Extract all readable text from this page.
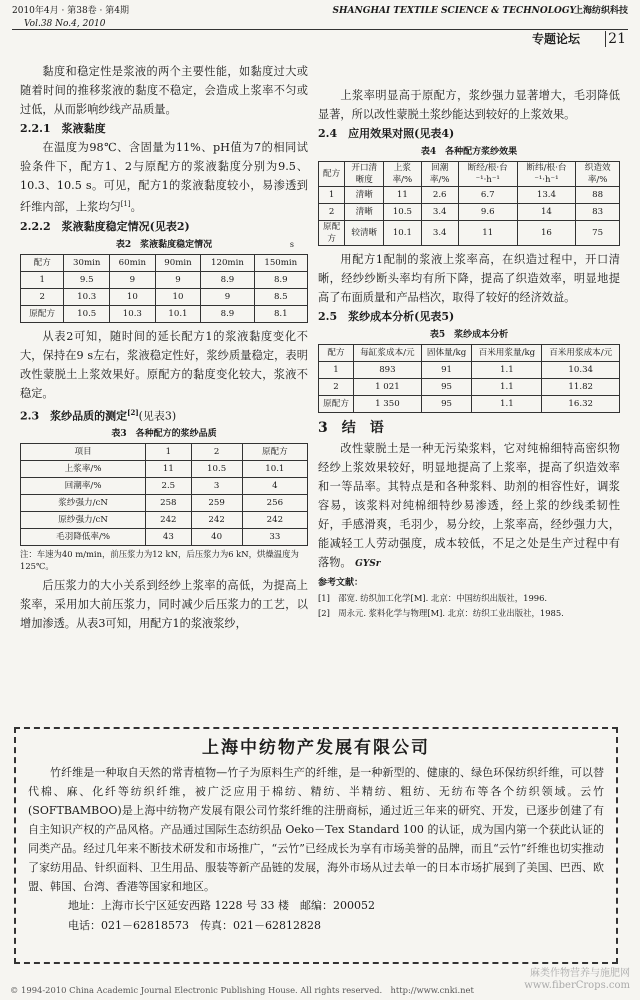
2010年4月 · 第38卷 · 第4期
Vol.38 No.4, 2010
SHANGHAI TEXTILE SCIENCE & TECHNOLOGY
上海纺织科技
专题论坛 21

黏度和稳定性是浆液的两个主要性能，如黏度过大或随着时间的推移浆液的黏度不稳定，会造成上浆率不匀或过低，从而影响纱线产品质量。

2.2.1　浆液黏度

在温度为98℃、含固量为11%、pH值为7的相同试验条件下，配方1、2与原配方的浆液黏度分别为9.5、10.3、10.5 s。可见，配方1的浆液黏度较小，易渗透到纤维内部，上浆均匀[1]。

2.2.2　浆液黏度稳定情况(见表2)
表2　浆液黏度稳定情况	s
配方	30min	60min	90min	120min	150min
1	9.5	9	9	8.9	8.9
2	10.3	10	10	9	8.5
原配方	10.5	10.3	10.1	8.9	8.1

从表2可知，随时间的延长配方1的浆液黏度变化不大，保持在9 s左右，浆液稳定性好，浆纱质量稳定，表明改性蒙脱土上浆效果好。原配方的黏度变化较大，浆液不稳定。

2.3　浆纱品质的测定[2](见表3)
表3　各种配方的浆纱品质
项目	1	2	原配方
上浆率/%	11	10.5	10.1
回潮率/%	2.5	3	4
浆纱强力/cN	258	259	256
原纱强力/cN	242	242	242
毛羽降低率/%	43	40	33
注：车速为40 m/min，前压浆力为12 kN，后压浆力为6 kN，烘燥温度为125℃。

后压浆力的大小关系到经纱上浆率的高低，为提高上浆率，采用加大前压浆力，同时减少后压浆力的工艺，以增加渗透。从表3可知，用配方1的浆液浆纱，

上浆率明显高于原配方，浆纱强力显著增大，毛羽降低显著，所以改性蒙脱土浆纱能达到较好的上浆效果。

2.4　应用效果对照(见表4)
表4　各种配方浆纱效果
配方	开口清晰度	上浆率/%	回潮率/%	断经/根·台⁻¹·h⁻¹	断纬/根·台⁻¹·h⁻¹	织造效率/%
1	清晰	11	2.6	6.7	13.4	88
2	清晰	10.5	3.4	9.6	14	83
原配方	较清晰	10.1	3.4	11	16	75

用配方1配制的浆液上浆率高，在织造过程中，开口清晰，经纱纱断头率均有所下降，提高了织造效率，明显地提高了布面质量和产品档次，取得了较好的经济效益。

2.5　浆纱成本分析(见表5)
表5　浆纱成本分析
配方	每缸浆成本/元	固体量/kg	百米用浆量/kg	百米用浆成本/元
1	893	91	1.1	10.34
2	1 021	95	1.1	11.82
原配方	1 350	95	1.1	16.32
3　结　语

改性蒙脱土是一种无污染浆料，它对纯棉细特高密织物经纱上浆效果较好，明显地提高了上浆率，提高了织造效率和一等品率。其特点是和各种浆料、助剂的相容性好，调浆容易，该浆料对纯棉细特纱易渗透，经上浆的纱线柔韧性好，手感滑爽，毛羽少，易分绞，上浆率高，经纱强力大，能减轻工人劳动强度，成本较低，不足之处是生产过程中有落物。 GYSr

参考文献：
[1]　邵宽. 纺织加工化学[M]. 北京：中国纺织出版社，1996.
[2]　周永元. 浆料化学与物理[M]. 北京：纺织工业出版社，1985.
上海中纺物产发展有限公司

竹纤维是一种取自天然的常青植物—竹子为原料生产的纤维，是一种新型的、健康的、绿色环保纺织纤维，可以替代棉、麻、化纤等纺织纤维，被广泛应用于棉纺、精纺、半精纺、粗纺、无纺布等各个纺织领域。云竹(SOFTBAMBOO)是上海中纺物产发展有限公司竹浆纤维的注册商标，通过近三年来的研究、开发，已逐步创建了有自主知识产权的产品风格。产品通过国际生态纺织品 Oeko－Tex Standard 100 的认证，成为国内第一个获此认证的同类产品。经过几年来不断技术研发和市场推广，“云竹”已经成长为享有市场美誉的品牌，而且“云竹”纤维也切实推动了家纺用品、针织面料、卫生用品、服装等新产品链的发展，海外市场从过去单一的日本市场扩展到了美国、巴西、欧盟、韩国、台湾、香港等国家和地区。

地址：上海市长宁区延安西路 1228 号 33 楼　邮编：200052
电话：021－62818573　传真：021－62812828
麻类作物营养与施肥网
www.fiberCrops.com
© 1994-2010 China Academic Journal Electronic Publishing House. All rights reserved.　http://www.cnki.net
